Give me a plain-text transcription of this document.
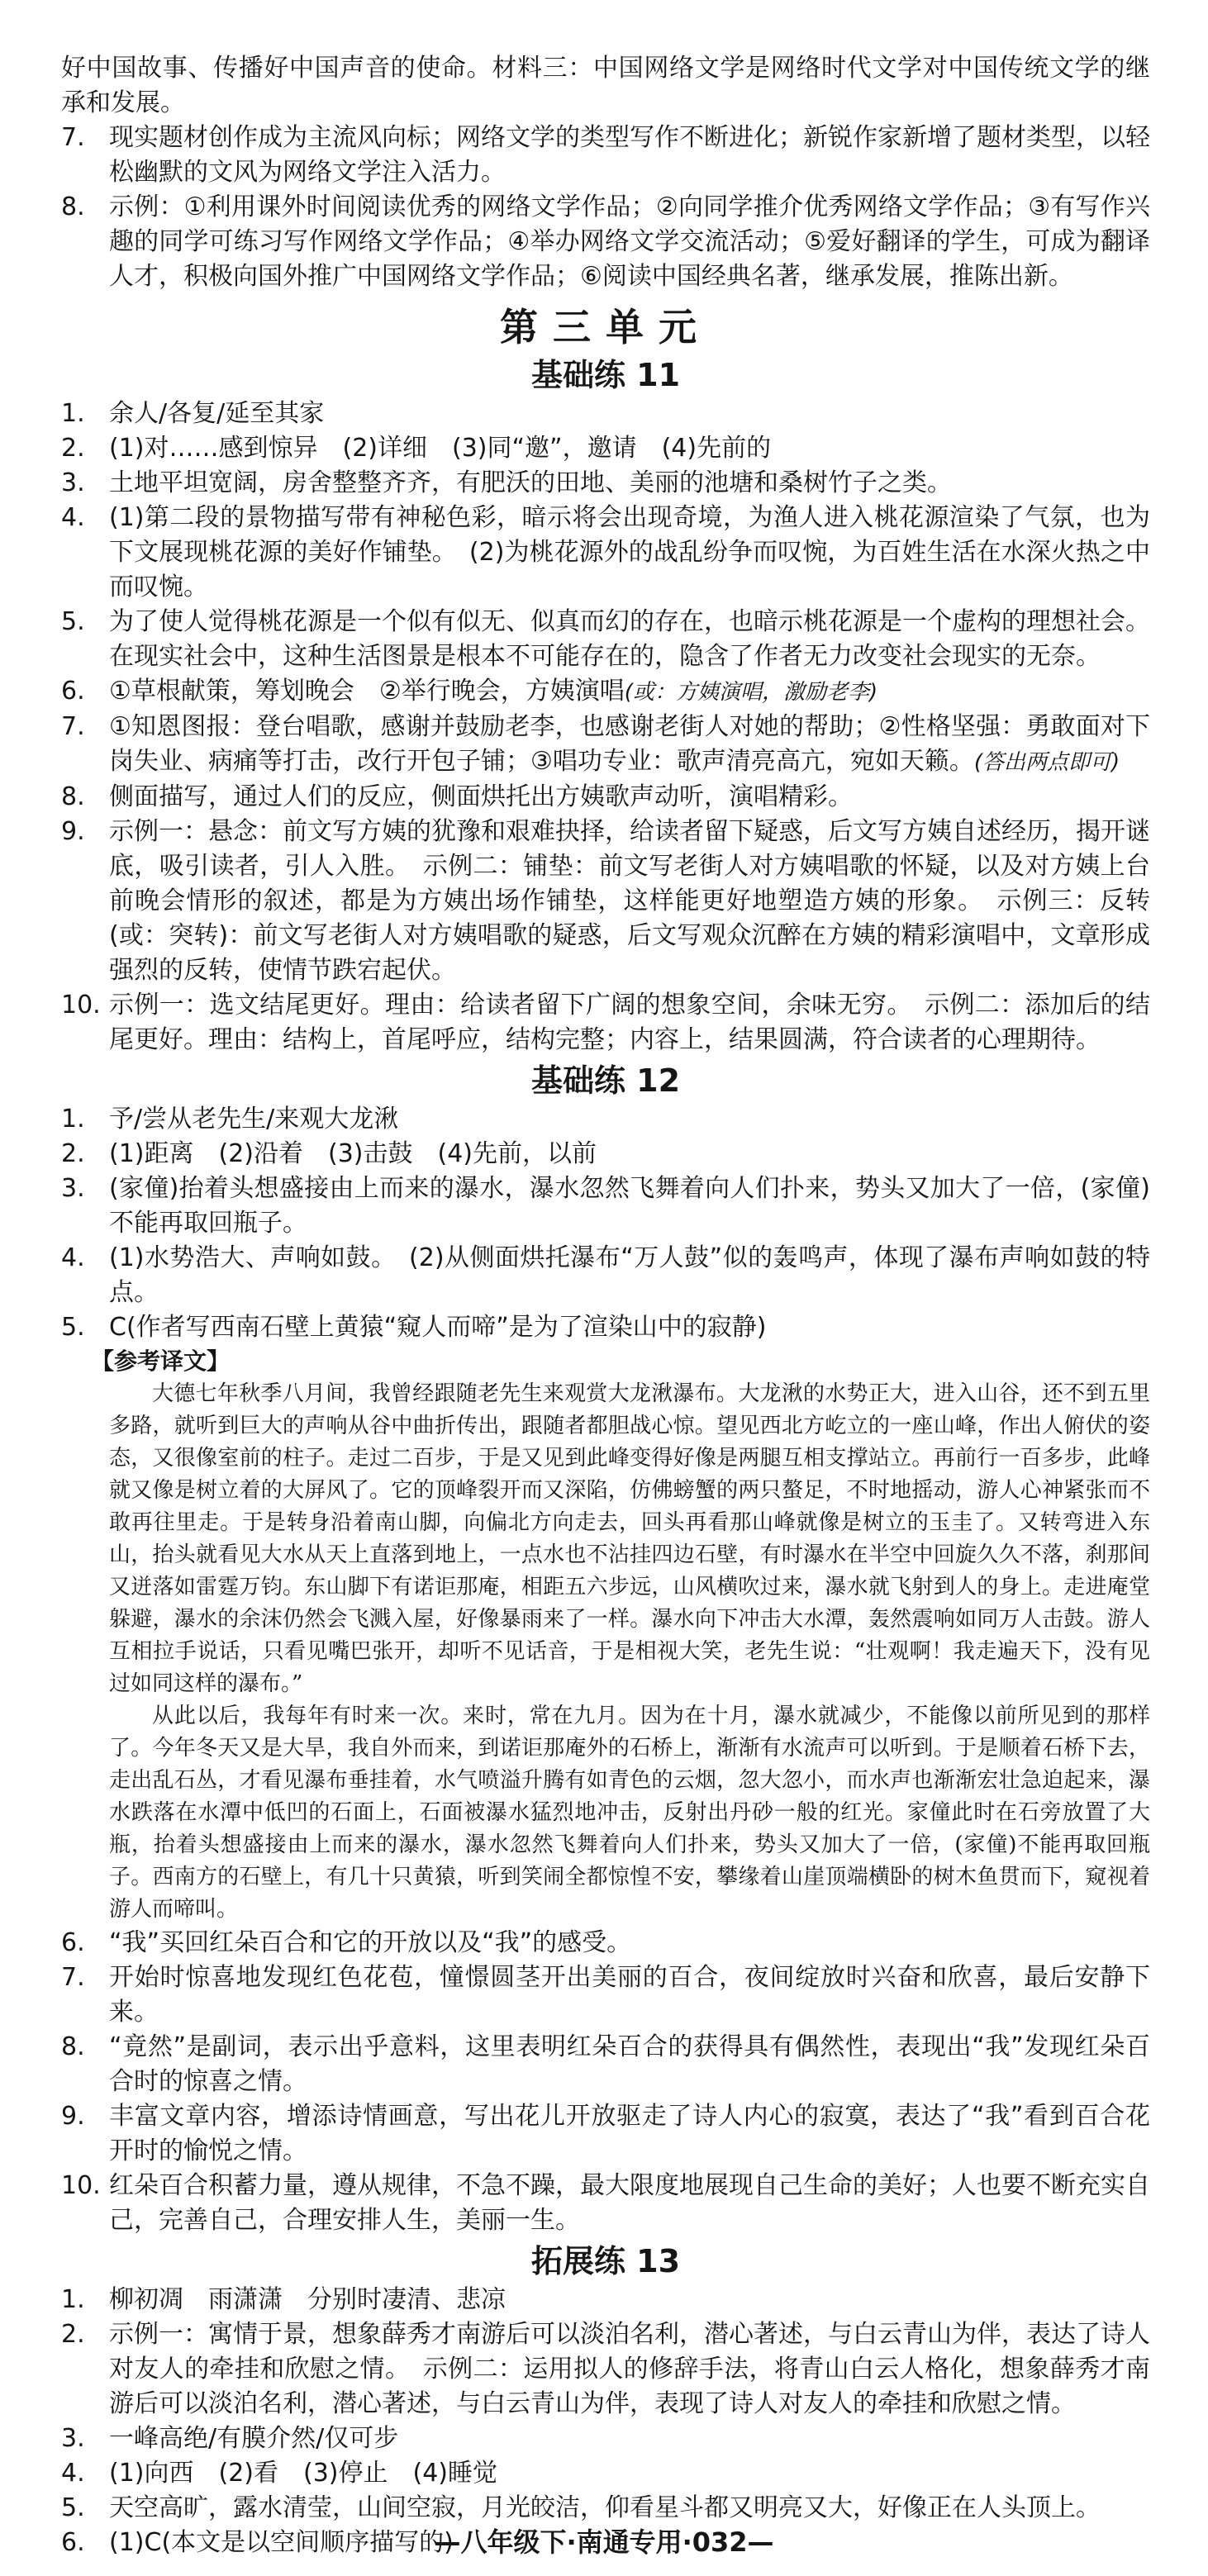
好中国故事、传播好中国声音的使命。材料三：中国网络文学是网络时代文学对中国传统文学的继承和发展。
7. 现实题材创作成为主流风向标；网络文学的类型写作不断进化；新锐作家新增了题材类型，以轻松幽默的文风为网络文学注入活力。
8. 示例：①利用课外时间阅读优秀的网络文学作品；②向同学推介优秀网络文学作品；③有写作兴趣的同学可练习写作网络文学作品；④举办网络文学交流活动；⑤爱好翻译的学生，可成为翻译人才，积极向国外推广中国网络文学作品；⑥阅读中国经典名著，继承发展，推陈出新。
第三单元
基础练 11
1. 余人/各复/延至其家
2. (1)对……感到惊异　(2)详细　(3)同“邀”，邀请　(4)先前的
3. 土地平坦宽阔，房舍整整齐齐，有肥沃的田地、美丽的池塘和桑树竹子之类。
4. (1)第二段的景物描写带有神秘色彩，暗示将会出现奇境，为渔人进入桃花源渲染了气氛，也为下文展现桃花源的美好作铺垫。　(2)为桃花源外的战乱纷争而叹惋，为百姓生活在水深火热之中而叹惋。
5. 为了使人觉得桃花源是一个似有似无、似真而幻的存在，也暗示桃花源是一个虚构的理想社会。在现实社会中，这种生活图景是根本不可能存在的，隐含了作者无力改变社会现实的无奈。
6. ①草根献策，筹划晚会　②举行晚会，方姨演唱(或：方姨演唱，激励老李)
7. ①知恩图报：登台唱歌，感谢并鼓励老李，也感谢老街人对她的帮助；②性格坚强：勇敢面对下岗失业、病痛等打击，改行开包子铺；③唱功专业：歌声清亮高亢，宛如天籁。(答出两点即可)
8. 侧面描写，通过人们的反应，侧面烘托出方姨歌声动听，演唱精彩。
9. 示例一：悬念：前文写方姨的犹豫和艰难抉择，给读者留下疑惑，后文写方姨自述经历，揭开谜底，吸引读者，引人入胜。　示例二：铺垫：前文写老街人对方姨唱歌的怀疑，以及对方姨上台前晚会情形的叙述，都是为方姨出场作铺垫，这样能更好地塑造方姨的形象。　示例三：反转(或：突转)：前文写老街人对方姨唱歌的疑惑，后文写观众沉醉在方姨的精彩演唱中，文章形成强烈的反转，使情节跌宕起伏。
10. 示例一：选文结尾更好。理由：给读者留下广阔的想象空间，余味无穷。　示例二：添加后的结尾更好。理由：结构上，首尾呼应，结构完整；内容上，结果圆满，符合读者的心理期待。
基础练 12
1. 予/尝从老先生/来观大龙湫
2. (1)距离　(2)沿着　(3)击鼓　(4)先前，以前
3. (家僮)抬着头想盛接由上而来的瀑水，瀑水忽然飞舞着向人们扑来，势头又加大了一倍，(家僮)不能再取回瓶子。
4. (1)水势浩大、声响如鼓。　(2)从侧面烘托瀑布“万人鼓”似的轰鸣声，体现了瀑布声响如鼓的特点。
5. C(作者写西南石壁上黄猿“窥人而啼”是为了渲染山中的寂静)
【参考译文】

大德七年秋季八月间，我曾经跟随老先生来观赏大龙湫瀑布。大龙湫的水势正大，进入山谷，还不到五里多路，就听到巨大的声响从谷中曲折传出，跟随者都胆战心惊。望见西北方屹立的一座山峰，作出人俯伏的姿态，又很像室前的柱子。走过二百步，于是又见到此峰变得好像是两腿互相支撑站立。再前行一百多步，此峰就又像是树立着的大屏风了。它的顶峰裂开而又深陷，仿佛螃蟹的两只螯足，不时地摇动，游人心神紧张而不敢再往里走。于是转身沿着南山脚，向偏北方向走去，回头再看那山峰就像是树立的玉圭了。又转弯进入东山，抬头就看见大水从天上直落到地上，一点水也不沾挂四边石壁，有时瀑水在半空中回旋久久不落，刹那间又迸落如雷霆万钧。东山脚下有诺讵那庵，相距五六步远，山风横吹过来，瀑水就飞射到人的身上。走进庵堂躲避，瀑水的余沫仍然会飞溅入屋，好像暴雨来了一样。瀑水向下冲击大水潭，轰然震响如同万人击鼓。游人互相拉手说话，只看见嘴巴张开，却听不见话音，于是相视大笑，老先生说：“壮观啊！我走遍天下，没有见过如同这样的瀑布。”

从此以后，我每年有时来一次。来时，常在九月。因为在十月，瀑水就减少，不能像以前所见到的那样了。今年冬天又是大旱，我自外而来，到诺讵那庵外的石桥上，渐渐有水流声可以听到。于是顺着石桥下去，走出乱石丛，才看见瀑布垂挂着，水气喷溢升腾有如青色的云烟，忽大忽小，而水声也渐渐宏壮急迫起来，瀑水跌落在水潭中低凹的石面上，石面被瀑水猛烈地冲击，反射出丹砂一般的红光。家僮此时在石旁放置了大瓶，抬着头想盛接由上而来的瀑水，瀑水忽然飞舞着向人们扑来，势头又加大了一倍，(家僮)不能再取回瓶子。西南方的石壁上，有几十只黄猿，听到笑闹全都惊惶不安，攀缘着山崖顶端横卧的树木鱼贯而下，窥视着游人而啼叫。

6. “我”买回红朵百合和它的开放以及“我”的感受。
7. 开始时惊喜地发现红色花苞，憧憬圆茎开出美丽的百合，夜间绽放时兴奋和欣喜，最后安静下来。
8. “竟然”是副词，表示出乎意料，这里表明红朵百合的获得具有偶然性，表现出“我”发现红朵百合时的惊喜之情。
9. 丰富文章内容，增添诗情画意，写出花儿开放驱走了诗人内心的寂寞，表达了“我”看到百合花开时的愉悦之情。
10. 红朵百合积蓄力量，遵从规律，不急不躁，最大限度地展现自己生命的美好；人也要不断充实自己，完善自己，合理安排人生，美丽一生。
拓展练 13
1. 柳初凋　雨潇潇　分别时凄清、悲凉
2. 示例一：寓情于景，想象薛秀才南游后可以淡泊名利，潜心著述，与白云青山为伴，表达了诗人对友人的牵挂和欣慰之情。　示例二：运用拟人的修辞手法，将青山白云人格化，想象薛秀才南游后可以淡泊名利，潜心著述，与白云青山为伴，表现了诗人对友人的牵挂和欣慰之情。
3. 一峰高绝/有膜介然/仅可步
4. (1)向西　(2)看　(3)停止　(4)睡觉
5. 天空高旷，露水清莹，山间空寂，月光皎洁，仰看星斗都又明亮又大，好像正在人头顶上。
6. (1)C(本文是以空间顺序描写的)
—八年级下·南通专用·032—
